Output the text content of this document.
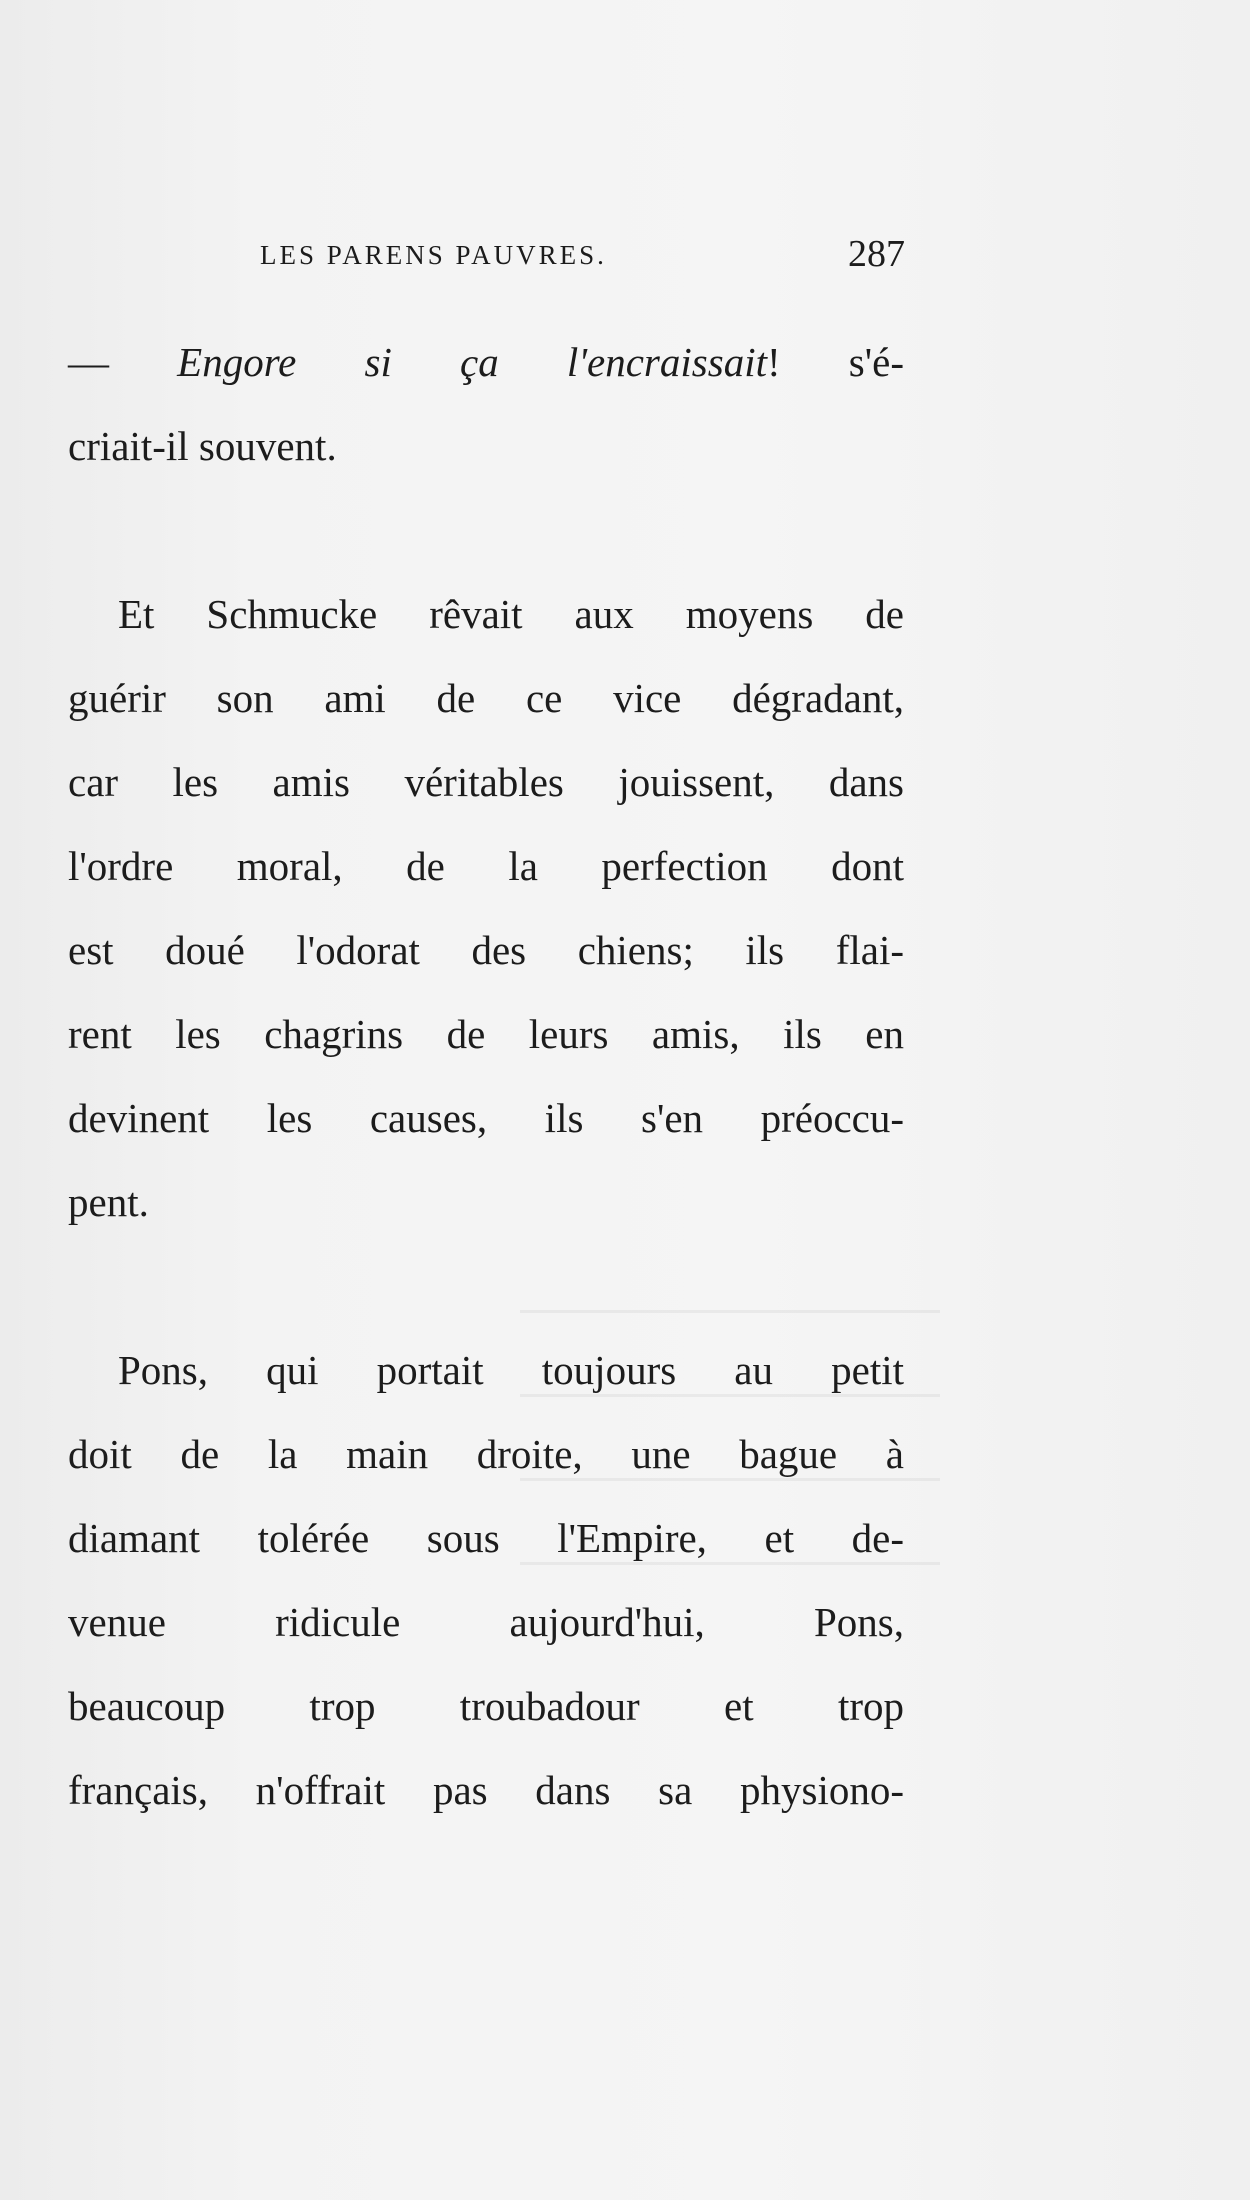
LES PARENS PAUVRES.	287

— Engore si ça l'encraissait! s'é-
criait-il souvent.

Et Schmucke rêvait aux moyens de
guérir son ami de ce vice dégradant,
car les amis véritables jouissent, dans
l'ordre moral, de la perfection dont
est doué l'odorat des chiens; ils flai-
rent les chagrins de leurs amis, ils en
devinent les causes, ils s'en préoccu-
pent.

Pons, qui portait toujours au petit
doit de la main droite, une bague à
diamant tolérée sous l'Empire, et de-
venue ridicule aujourd'hui, Pons,
beaucoup trop troubadour et trop
français, n'offrait pas dans sa physiono-
